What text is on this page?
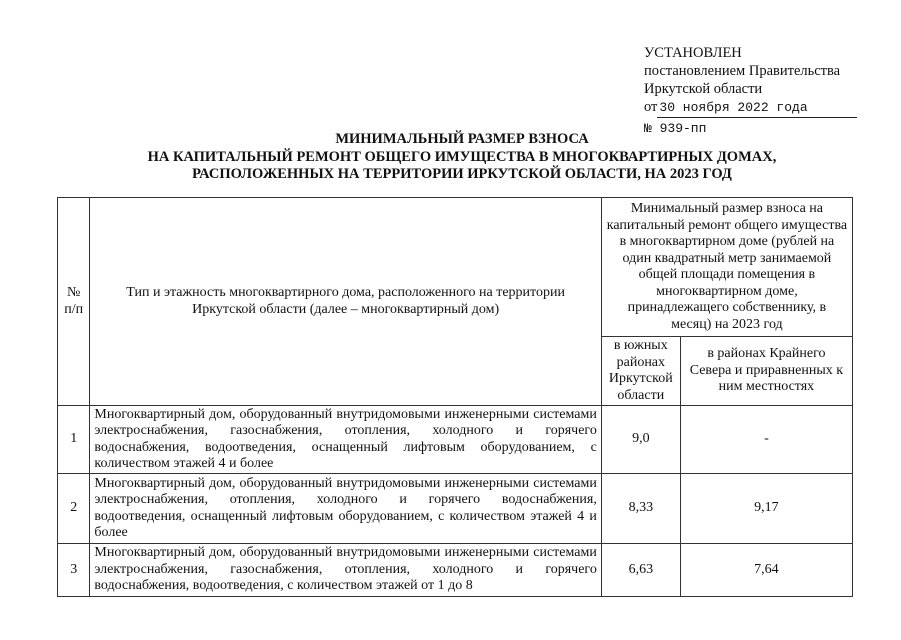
УСТАНОВЛЕН
постановлением Правительства
Иркутской области
от 30 ноября 2022 года
№ 939-пп
МИНИМАЛЬНЫЙ РАЗМЕР ВЗНОСА
НА КАПИТАЛЬНЫЙ РЕМОНТ ОБЩЕГО ИМУЩЕСТВА В МНОГОКВАРТИРНЫХ ДОМАХ,
РАСПОЛОЖЕННЫХ НА ТЕРРИТОРИИ ИРКУТСКОЙ ОБЛАСТИ, НА 2023 ГОД
№ п/п	Тип и этажность многоквартирного дома, расположенного на территории Иркутской области (далее – многоквартирный дом)	Минимальный размер взноса на капитальный ремонт общего имущества в многоквартирном доме (рублей на один квадратный метр занимаемой общей площади помещения в многоквартирном доме, принадлежащего собственнику, в месяц) на 2023 год	
		в южных районах Иркутской области	в районах Крайнего Севера и приравненных к ним местностях
1	Многоквартирный дом, оборудованный внутридомовыми инженерными системами электроснабжения, газоснабжения, отопления, холодного и горячего водоснабжения, водоотведения, оснащенный лифтовым оборудованием, с количеством этажей 4 и более	9,0	-
2	Многоквартирный дом, оборудованный внутридомовыми инженерными системами электроснабжения, отопления, холодного и горячего водоснабжения, водоотведения, оснащенный лифтовым оборудованием, с количеством этажей 4 и более	8,33	9,17
3	Многоквартирный дом, оборудованный внутридомовыми инженерными системами электроснабжения, газоснабжения, отопления, холодного и горячего водоснабжения, водоотведения, с количеством этажей от 1 до 8	6,63	7,64
